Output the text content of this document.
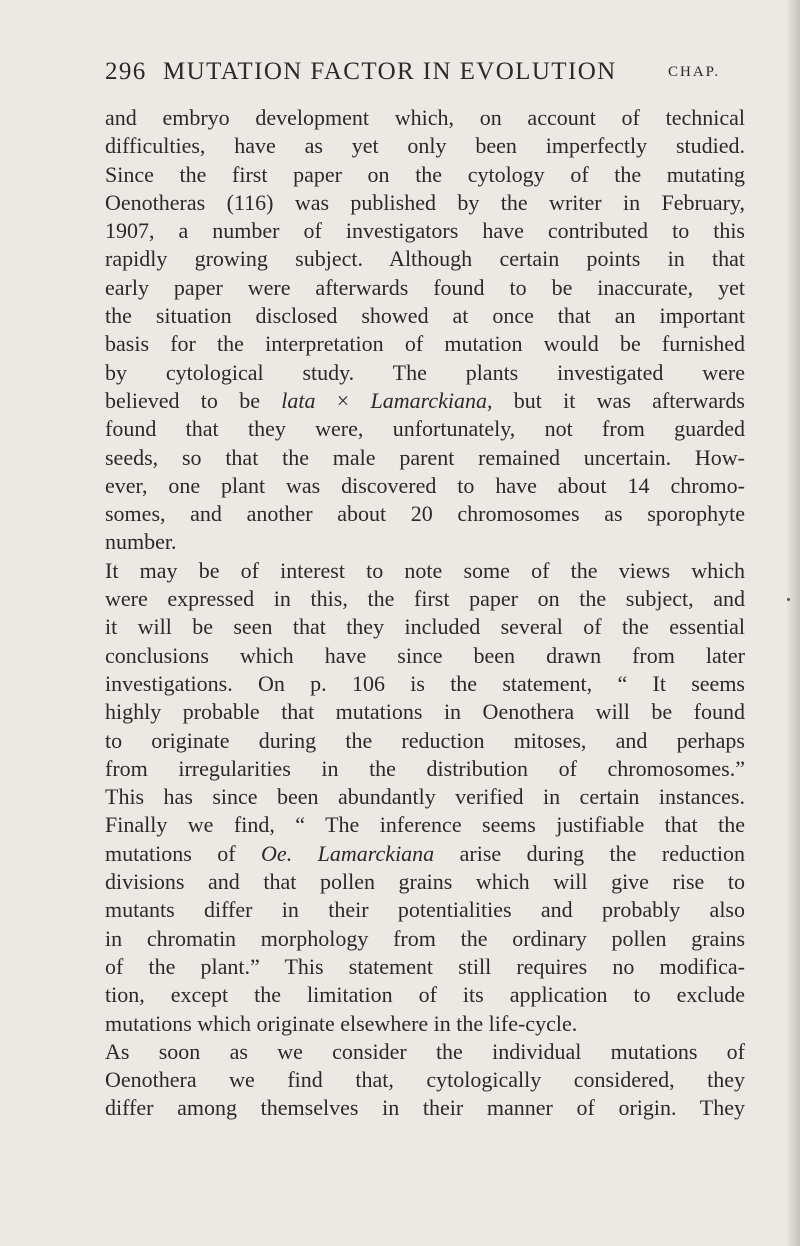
296 MUTATION FACTOR IN EVOLUTION	CHAP.
and embryo development which, on account of technical
difficulties, have as yet only been imperfectly studied.
Since the first paper on the cytology of the mutating
Oenotheras (116) was published by the writer in February,
1907, a number of investigators have contributed to this
rapidly growing subject. Although certain points in that
early paper were afterwards found to be inaccurate, yet
the situation disclosed showed at once that an important
basis for the interpretation of mutation would be furnished
by cytological study. The plants investigated were
believed to be lata × Lamarckiana, but it was afterwards
found that they were, unfortunately, not from guarded
seeds, so that the male parent remained uncertain. How-
ever, one plant was discovered to have about 14 chromo-
somes, and another about 20 chromosomes as sporophyte
number.
It may be of interest to note some of the views which
were expressed in this, the first paper on the subject, and
it will be seen that they included several of the essential
conclusions which have since been drawn from later
investigations. On p. 106 is the statement, “ It seems
highly probable that mutations in Oenothera will be found
to originate during the reduction mitoses, and perhaps
from irregularities in the distribution of chromosomes.”
This has since been abundantly verified in certain instances.
Finally we find, “ The inference seems justifiable that the
mutations of Oe. Lamarckiana arise during the reduction
divisions and that pollen grains which will give rise to
mutants differ in their potentialities and probably also
in chromatin morphology from the ordinary pollen grains
of the plant.” This statement still requires no modifica-
tion, except the limitation of its application to exclude
mutations which originate elsewhere in the life-cycle.
As soon as we consider the individual mutations of
Oenothera we find that, cytologically considered, they
differ among themselves in their manner of origin. They
